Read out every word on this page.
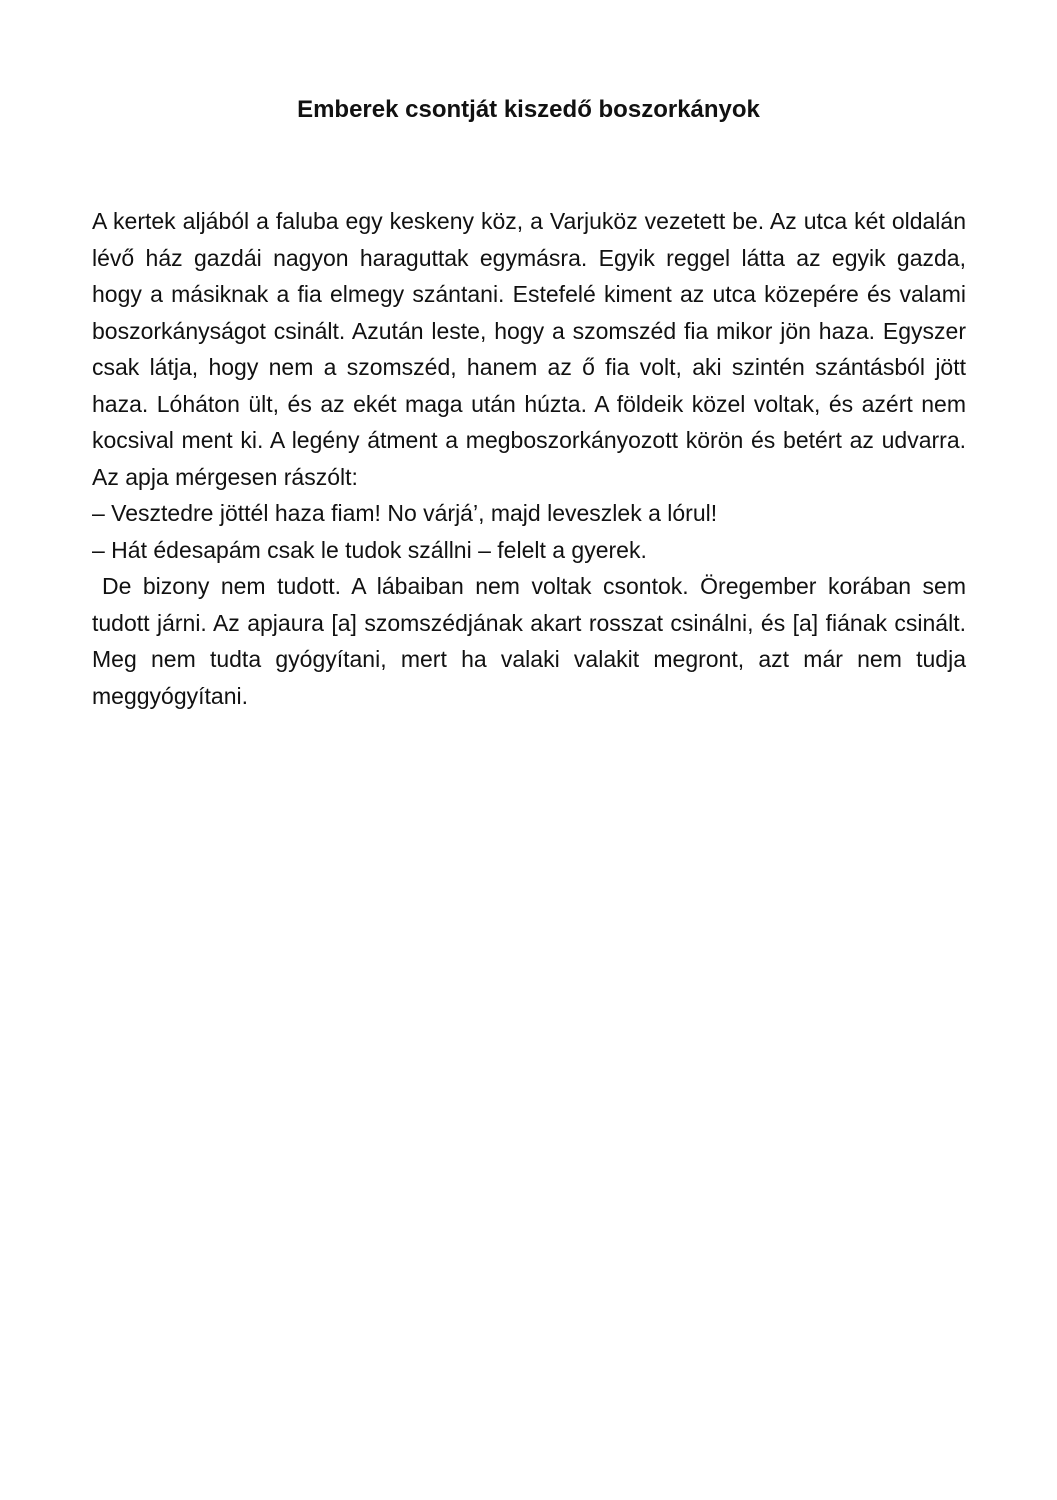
Emberek csontját kiszedő boszorkányok

A kertek aljából a faluba egy keskeny köz, a Varjuköz vezetett be. Az utca két oldalán lévő ház gazdái nagyon haraguttak egymásra. Egyik reggel látta az egyik gazda, hogy a másiknak a fia elmegy szántani. Estefelé kiment az utca közepére és valami boszorkányságot csinált. Azután leste, hogy a szomszéd fia mikor jön haza. Egyszer csak látja, hogy nem a szomszéd, hanem az ő fia volt, aki szintén szántásból jött haza. Lóháton ült, és az ekét maga után húzta. A földeik közel voltak, és azért nem kocsival ment ki. A legény átment a megboszorkányozott körön és betért az udvarra. Az apja mérgesen rászólt:

– Vesztedre jöttél haza fiam! No várjá’, majd leveszlek a lórul!

– Hát édesapám csak le tudok szállni – felelt a gyerek.

De bizony nem tudott. A lábaiban nem voltak csontok. Öregember korában sem tudott járni. Az apjaura [a] szomszédjának akart rosszat csinálni, és [a] fiának csinált. Meg nem tudta gyógyítani, mert ha valaki valakit megront, azt már nem tudja meggyógyítani.
